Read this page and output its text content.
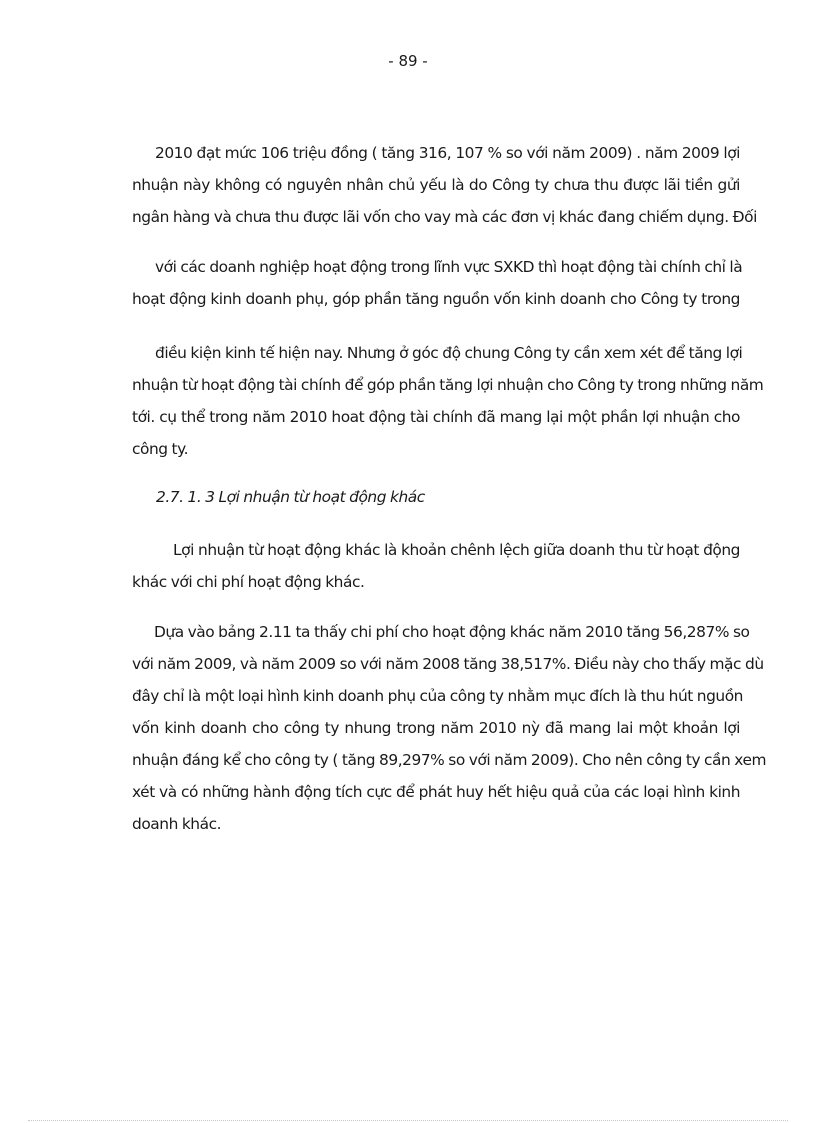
- 89 -
2010 đạt mức 106 triệu đồng ( tăng 316, 107 % so với năm 2009) . năm 2009 lợi
nhuận này không có nguyên nhân chủ yếu là do Công ty chưa thu được lãi tiền gửi
ngân hàng và chưa thu được lãi vốn cho vay mà các đơn vị khác đang chiếm dụng. Đối
với các doanh nghiệp hoạt động trong lĩnh vực SXKD thì hoạt động tài chính chỉ là
hoạt động kinh doanh phụ, góp phần tăng nguồn vốn kinh doanh cho Công ty trong
điều kiện kinh tế hiện nay. Nhưng ở góc độ chung Công ty cần xem xét để tăng lợi
nhuận từ hoạt động tài chính để góp phần tăng lợi nhuận cho Công ty trong những năm
tới. cụ thể trong năm 2010 hoat động tài chính đã mang lại một phần lợi nhuận cho
công ty.
2.7. 1. 3 Lợi nhuận từ hoạt động khác
Lợi nhuận từ hoạt động khác là khoản chênh lệch giữa doanh thu từ hoạt động
khác với chi phí hoạt động khác.
Dựa vào bảng 2.11 ta thấy chi phí cho hoạt động khác năm 2010 tăng 56,287% so
với năm 2009, và năm 2009 so với năm 2008 tăng 38,517%. Điều này cho thấy mặc dù
đây chỉ là một loại hình kinh doanh phụ của công ty nhằm mục đích là thu hút nguồn
vốn kinh doanh cho công ty nhung trong năm 2010 nỳ đã mang lai một khoản lợi
nhuận đáng kể cho công ty ( tăng 89,297% so với năm 2009). Cho nên công ty cần xem
xét và có những hành động tích cực để phát huy hết hiệu quả của các loại hình kinh
doanh khác.
